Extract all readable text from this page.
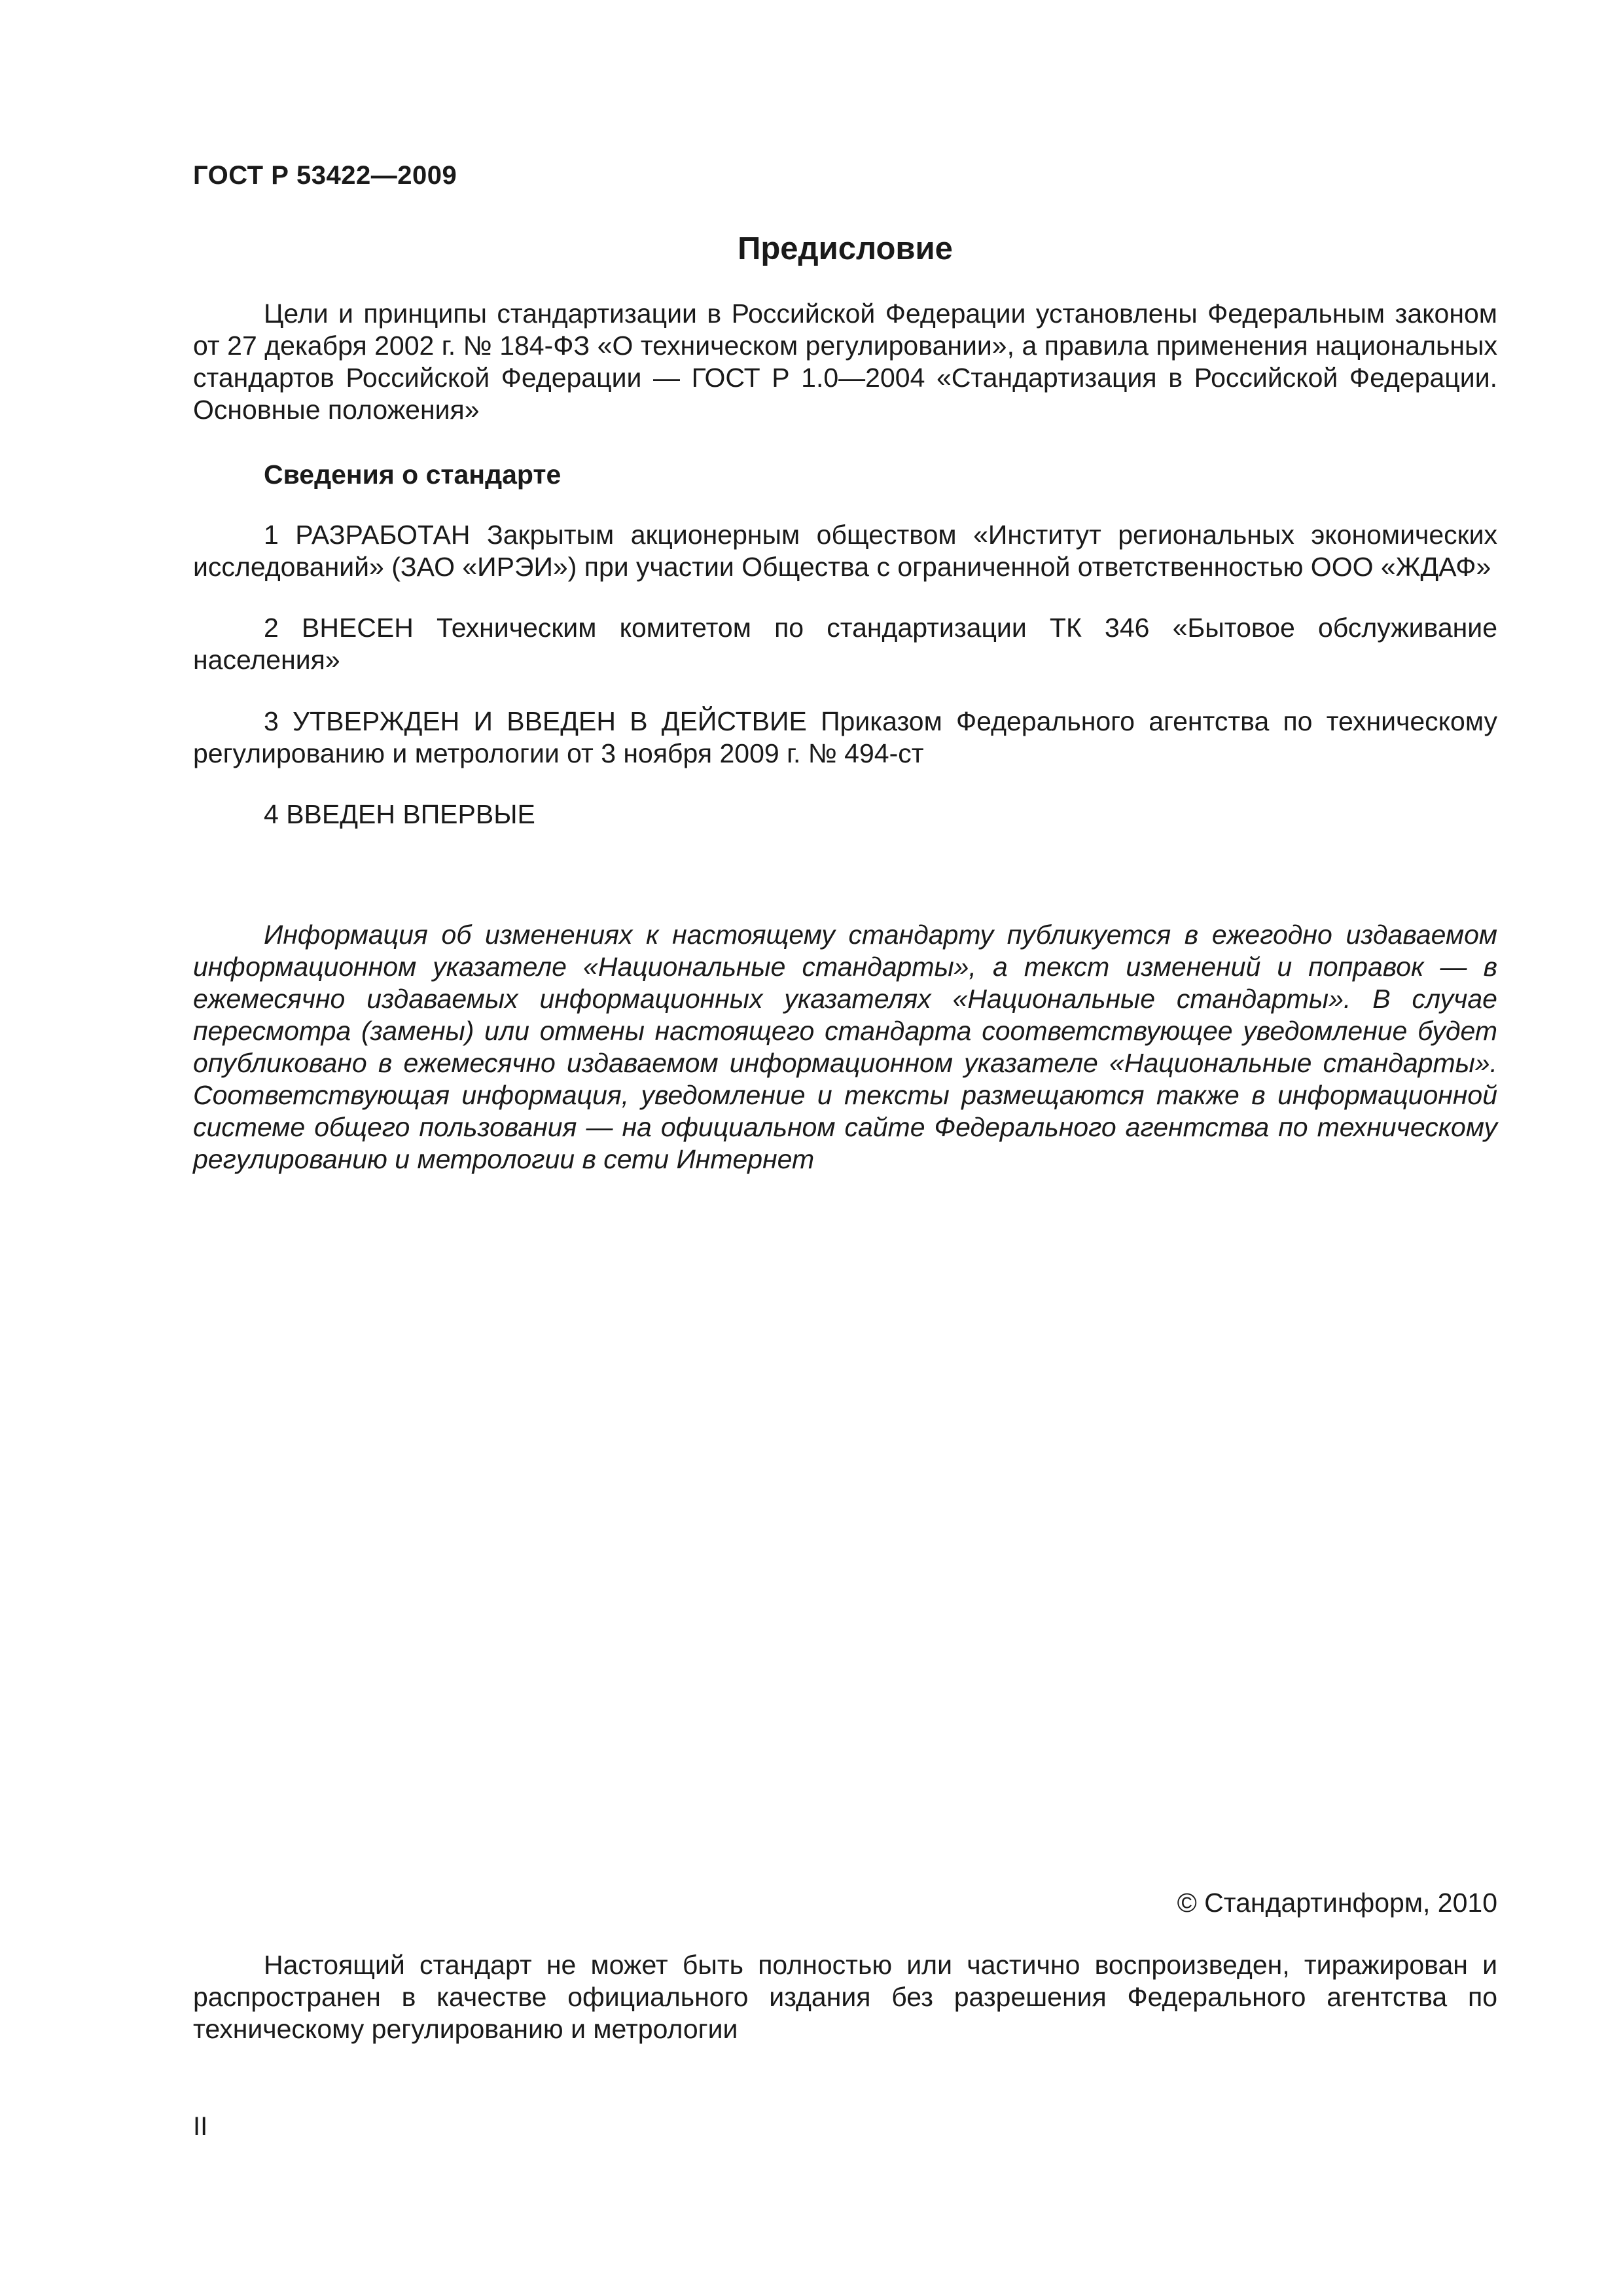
ГОСТ Р 53422—2009

Предисловие

Цели и принципы стандартизации в Российской Федерации установлены Федеральным законом от 27 декабря 2002 г. № 184-ФЗ «О техническом регулировании», а правила применения национальных стандартов Российской Федерации — ГОСТ Р 1.0—2004 «Стандартизация в Российской Федерации. Основные положения»

Сведения о стандарте

1 РАЗРАБОТАН Закрытым акционерным обществом «Институт региональных экономических исследований» (ЗАО «ИРЭИ») при участии Общества с ограниченной ответственностью ООО «ЖДАФ»

2 ВНЕСЕН Техническим комитетом по стандартизации ТК 346 «Бытовое обслуживание населения»

3 УТВЕРЖДЕН И ВВЕДЕН В ДЕЙСТВИЕ Приказом Федерального агентства по техническому регулированию и метрологии от 3 ноября 2009 г. № 494-ст

4 ВВЕДЕН ВПЕРВЫЕ

Информация об изменениях к настоящему стандарту публикуется в ежегодно издаваемом информационном указателе «Национальные стандарты», а текст изменений и поправок — в ежемесячно издаваемых информационных указателях «Национальные стандарты». В случае пересмотра (замены) или отмены настоящего стандарта соответствующее уведомление будет опубликовано в ежемесячно издаваемом информационном указателе «Национальные стандарты». Соответствующая информация, уведомление и тексты размещаются также в информационной системе общего пользования — на официальном сайте Федерального агентства по техническому регулированию и метрологии в сети Интернет

© Стандартинформ, 2010

Настоящий стандарт не может быть полностью или частично воспроизведен, тиражирован и распространен в качестве официального издания без разрешения Федерального агентства по техническому регулированию и метрологии

II
